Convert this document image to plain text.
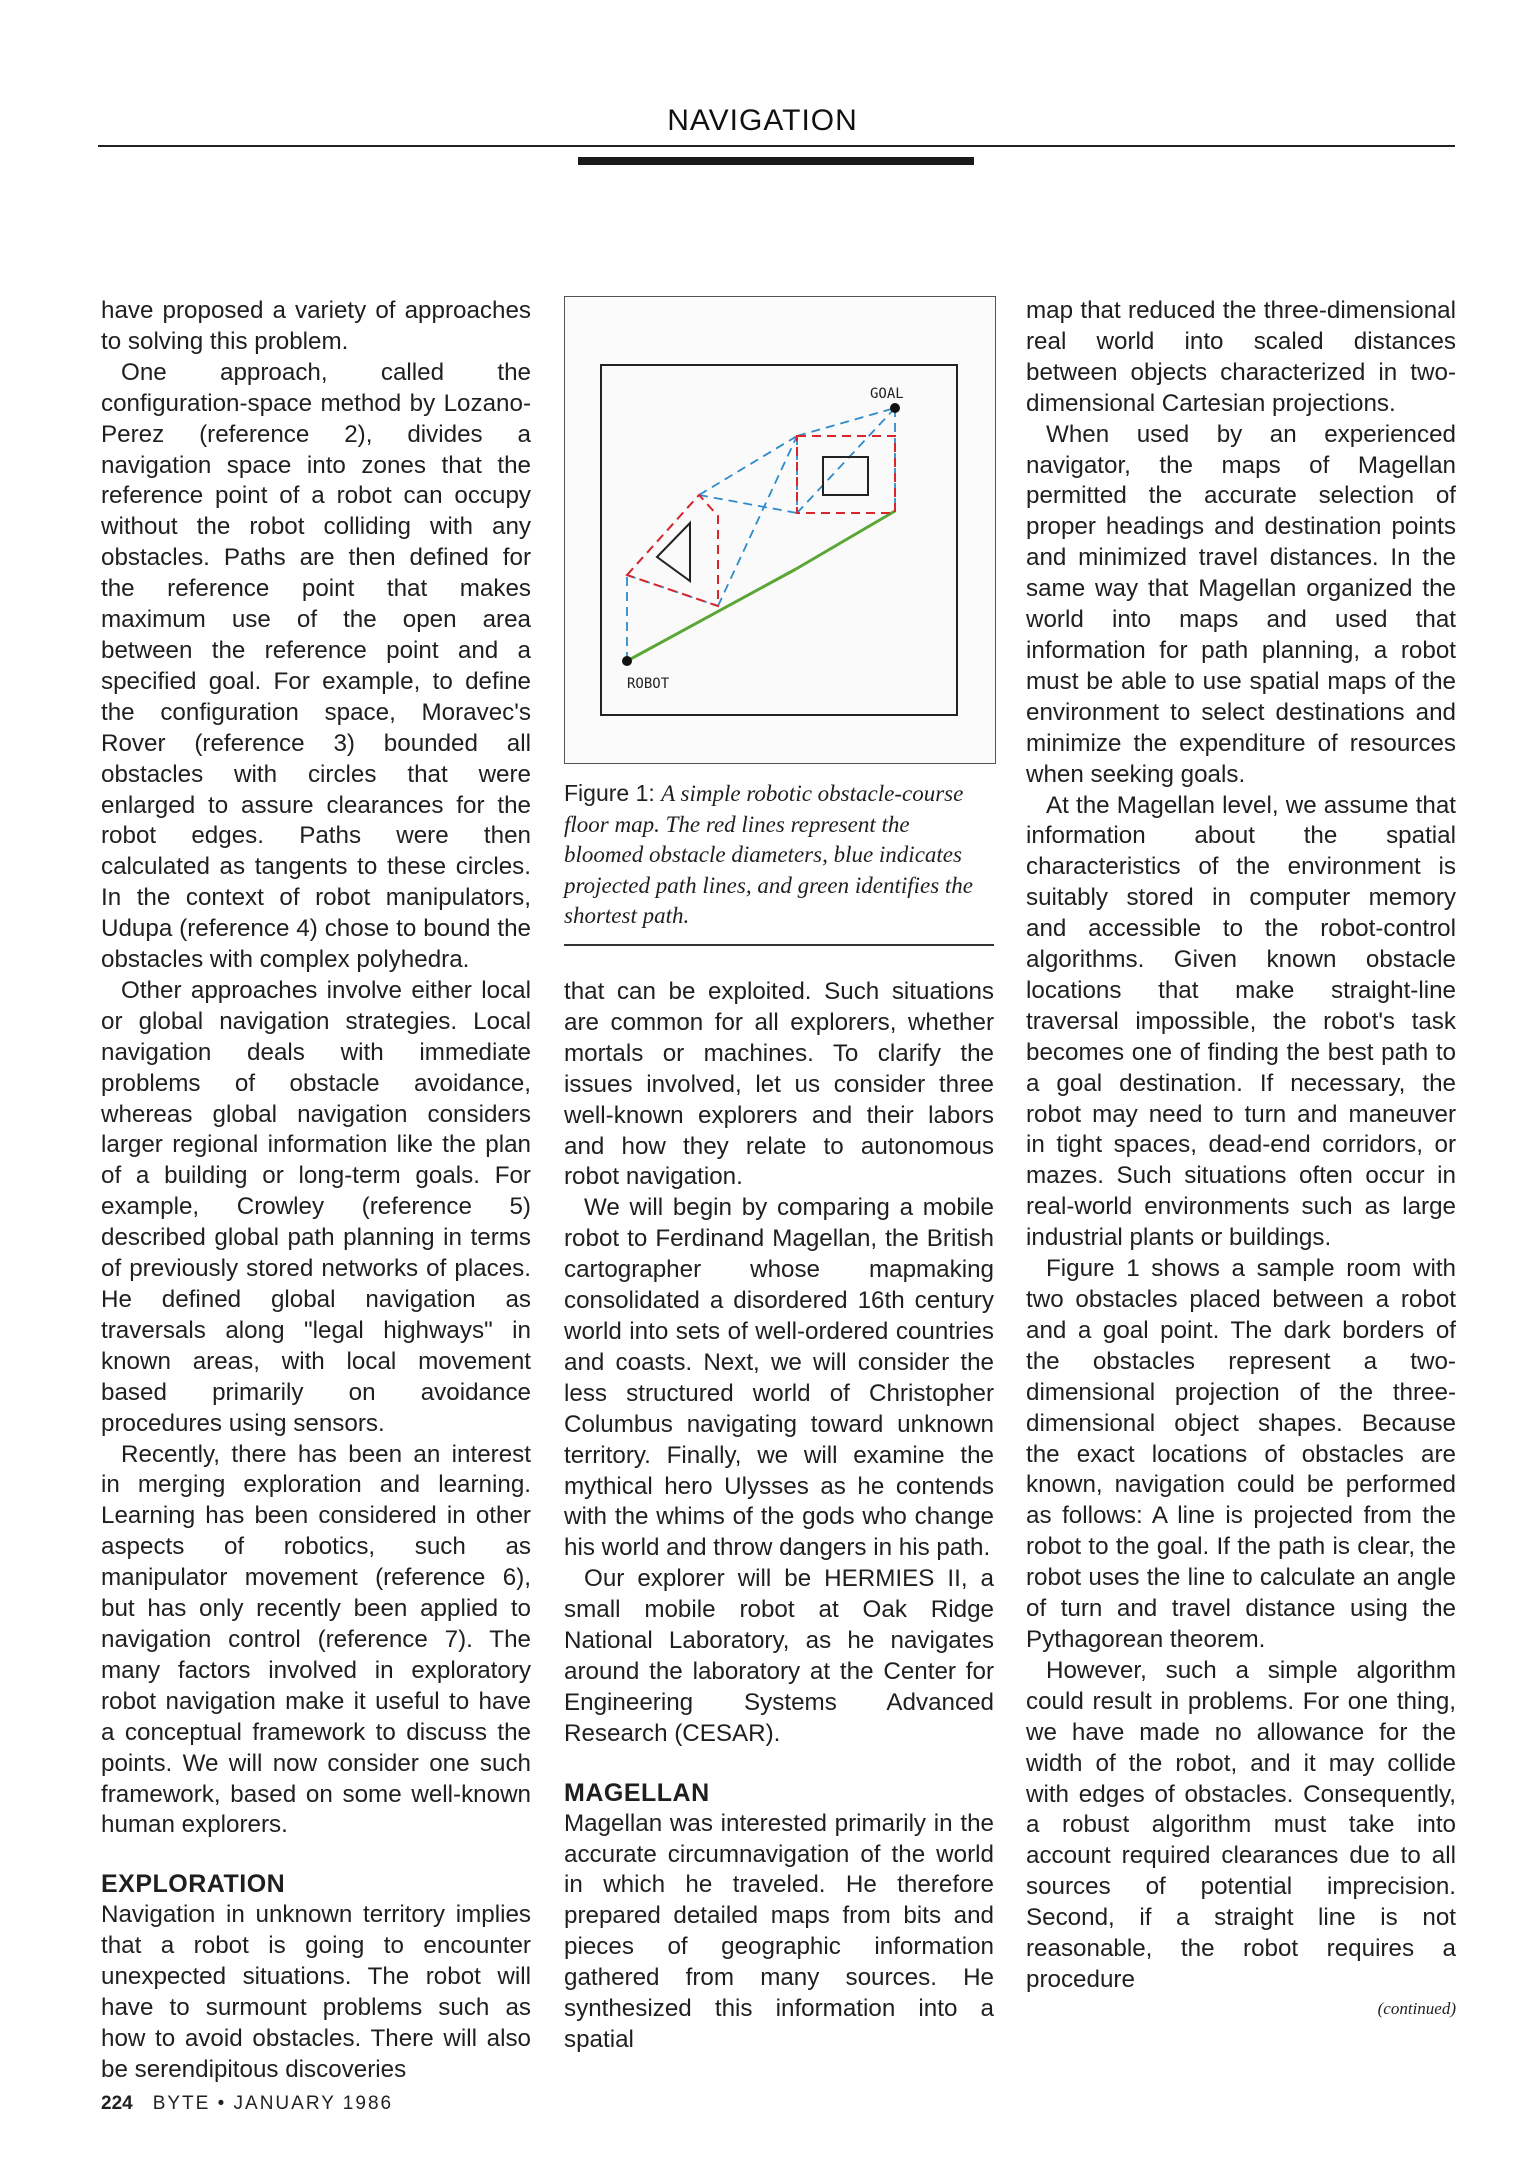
NAVIGATION

have proposed a variety of approaches to solving this problem.

One approach, called the configuration-space method by Lozano-Perez (reference 2), divides a navigation space into zones that the reference point of a robot can occupy without the robot colliding with any obstacles. Paths are then defined for the reference point that makes maximum use of the open area between the reference point and a specified goal. For example, to define the configuration space, Moravec's Rover (reference 3) bounded all obstacles with circles that were enlarged to assure clearances for the robot edges. Paths were then calculated as tangents to these circles. In the context of robot manipulators, Udupa (reference 4) chose to bound the obstacles with complex polyhedra.

Other approaches involve either local or global navigation strategies. Local navigation deals with immediate problems of obstacle avoidance, whereas global navigation considers larger regional information like the plan of a building or long-term goals. For example, Crowley (reference 5) described global path planning in terms of previously stored networks of places. He defined global navigation as traversals along "legal highways" in known areas, with local movement based primarily on avoidance procedures using sensors.

Recently, there has been an interest in merging exploration and learning. Learning has been considered in other aspects of robotics, such as manipulator movement (reference 6), but has only recently been applied to navigation control (reference 7). The many factors involved in exploratory robot navigation make it useful to have a conceptual framework to discuss the points. We will now consider one such framework, based on some well-known human explorers.

EXPLORATION

Navigation in unknown territory implies that a robot is going to encounter unexpected situations. The robot will have to surmount problems such as how to avoid obstacles. There will also be serendipitous discoveries

GOAL
ROBOT
Figure 1: A simple robotic obstacle-course floor map. The red lines represent the bloomed obstacle diameters, blue indicates projected path lines, and green identifies the shortest path.

that can be exploited. Such situations are common for all explorers, whether mortals or machines. To clarify the issues involved, let us consider three well-known explorers and their labors and how they relate to autonomous robot navigation.

We will begin by comparing a mobile robot to Ferdinand Magellan, the British cartographer whose mapmaking consolidated a disordered 16th century world into sets of well-ordered countries and coasts. Next, we will consider the less structured world of Christopher Columbus navigating toward unknown territory. Finally, we will examine the mythical hero Ulysses as he contends with the whims of the gods who change his world and throw dangers in his path.

Our explorer will be HERMIES II, a small mobile robot at Oak Ridge National Laboratory, as he navigates around the laboratory at the Center for Engineering Systems Advanced Research (CESAR).

MAGELLAN

Magellan was interested primarily in the accurate circumnavigation of the world in which he traveled. He therefore prepared detailed maps from bits and pieces of geographic information gathered from many sources. He synthesized this information into a spatial

map that reduced the three-dimensional real world into scaled distances between objects characterized in two-dimensional Cartesian projections.

When used by an experienced navigator, the maps of Magellan permitted the accurate selection of proper headings and destination points and minimized travel distances. In the same way that Magellan organized the world into maps and used that information for path planning, a robot must be able to use spatial maps of the environment to select destinations and minimize the expenditure of resources when seeking goals.

At the Magellan level, we assume that information about the spatial characteristics of the environment is suitably stored in computer memory and accessible to the robot-control algorithms. Given known obstacle locations that make straight-line traversal impossible, the robot's task becomes one of finding the best path to a goal destination. If necessary, the robot may need to turn and maneuver in tight spaces, dead-end corridors, or mazes. Such situations often occur in real-world environments such as large industrial plants or buildings.

Figure 1 shows a sample room with two obstacles placed between a robot and a goal point. The dark borders of the obstacles represent a two-dimensional projection of the three-dimensional object shapes. Because the exact locations of obstacles are known, navigation could be performed as follows: A line is projected from the robot to the goal. If the path is clear, the robot uses the line to calculate an angle of turn and travel distance using the Pythagorean theorem.

However, such a simple algorithm could result in problems. For one thing, we have made no allowance for the width of the robot, and it may collide with edges of obstacles. Consequently, a robust algorithm must take into account required clearances due to all sources of potential imprecision. Second, if a straight line is not reasonable, the robot requires a procedure

(continued)
224 BYTE • JANUARY 1986
